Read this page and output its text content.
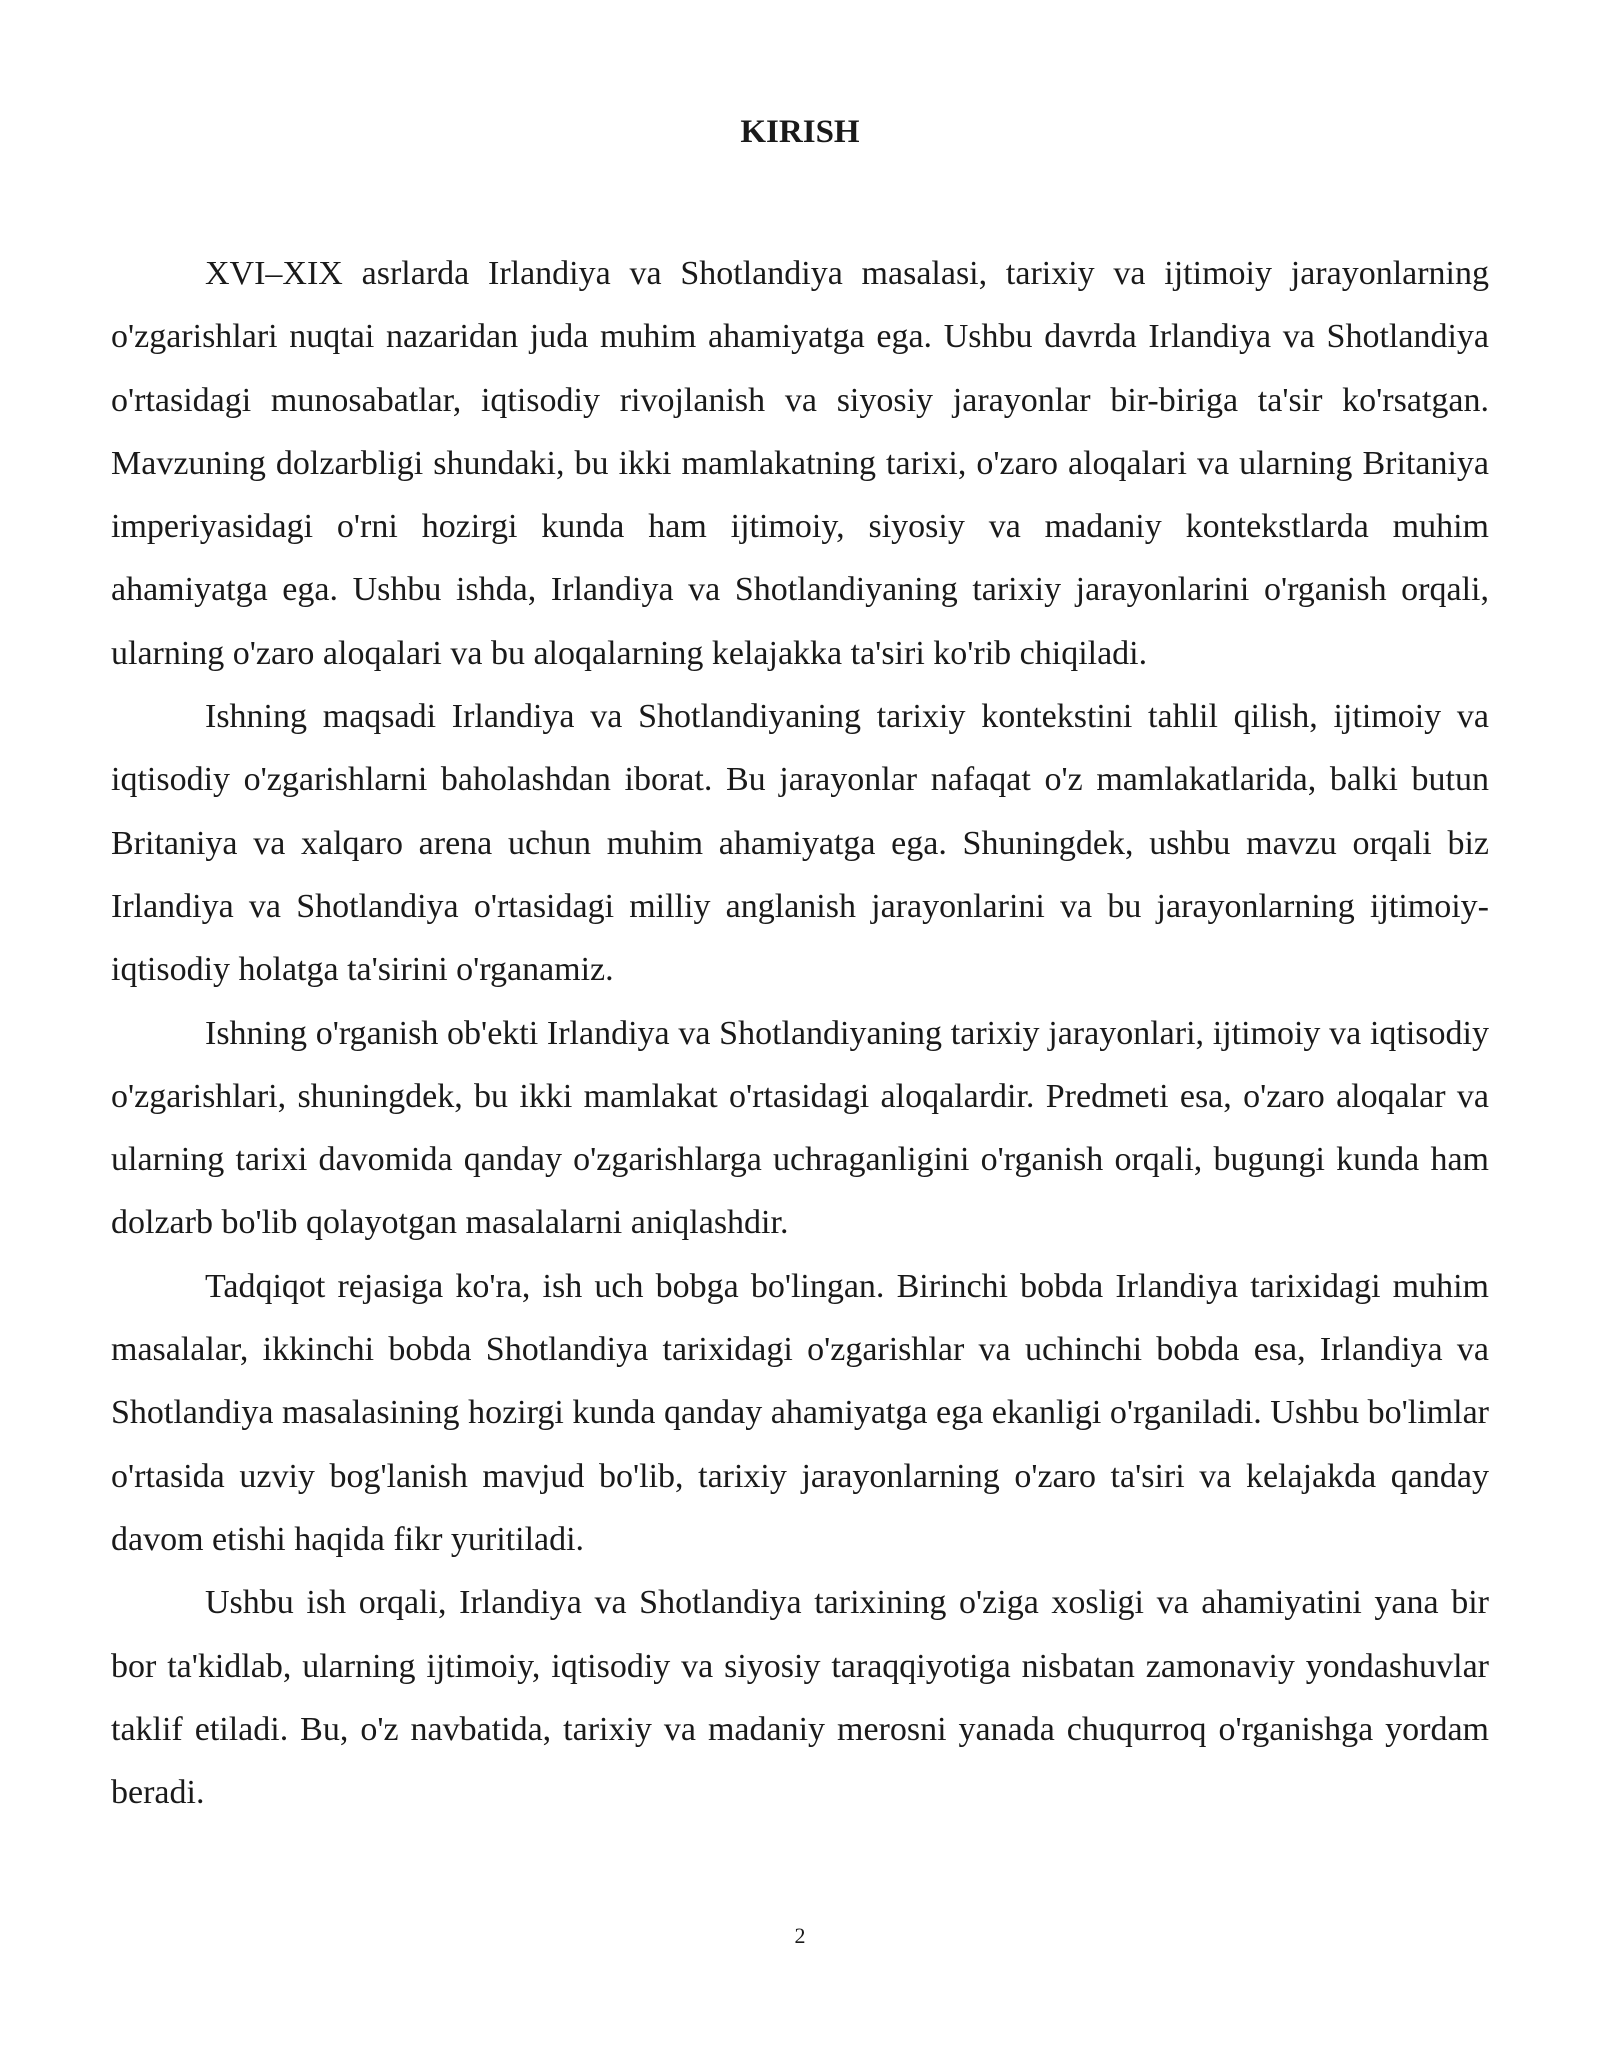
KIRISH

XVI–XIX asrlarda Irlandiya va Shotlandiya masalasi, tarixiy va ijtimoiy jarayonlarning o'zgarishlari nuqtai nazaridan juda muhim ahamiyatga ega. Ushbu davrda Irlandiya va Shotlandiya o'rtasidagi munosabatlar, iqtisodiy rivojlanish va siyosiy jarayonlar bir-biriga ta'sir ko'rsatgan. Mavzuning dolzarbligi shundaki, bu ikki mamlakatning tarixi, o'zaro aloqalari va ularning Britaniya imperiyasidagi o'rni hozirgi kunda ham ijtimoiy, siyosiy va madaniy kontekstlarda muhim ahamiyatga ega. Ushbu ishda, Irlandiya va Shotlandiyaning tarixiy jarayonlarini o'rganish orqali, ularning o'zaro aloqalari va bu aloqalarning kelajakka ta'siri ko'rib chiqiladi.

Ishning maqsadi Irlandiya va Shotlandiyaning tarixiy kontekstini tahlil qilish, ijtimoiy va iqtisodiy o'zgarishlarni baholashdan iborat. Bu jarayonlar nafaqat o'z mamlakatlarida, balki butun Britaniya va xalqaro arena uchun muhim ahamiyatga ega. Shuningdek, ushbu mavzu orqali biz Irlandiya va Shotlandiya o'rtasidagi milliy anglanish jarayonlarini va bu jarayonlarning ijtimoiy-iqtisodiy holatga ta'sirini o'rganamiz.

Ishning o'rganish ob'ekti Irlandiya va Shotlandiyaning tarixiy jarayonlari, ijtimoiy va iqtisodiy o'zgarishlari, shuningdek, bu ikki mamlakat o'rtasidagi aloqalardir. Predmeti esa, o'zaro aloqalar va ularning tarixi davomida qanday o'zgarishlarga uchraganligini o'rganish orqali, bugungi kunda ham dolzarb bo'lib qolayotgan masalalarni aniqlashdir.

Tadqiqot rejasiga ko'ra, ish uch bobga bo'lingan. Birinchi bobda Irlandiya tarixidagi muhim masalalar, ikkinchi bobda Shotlandiya tarixidagi o'zgarishlar va uchinchi bobda esa, Irlandiya va Shotlandiya masalasining hozirgi kunda qanday ahamiyatga ega ekanligi o'rganiladi. Ushbu bo'limlar o'rtasida uzviy bog'lanish mavjud bo'lib, tarixiy jarayonlarning o'zaro ta'siri va kelajakda qanday davom etishi haqida fikr yuritiladi.

Ushbu ish orqali, Irlandiya va Shotlandiya tarixining o'ziga xosligi va ahamiyatini yana bir bor ta'kidlab, ularning ijtimoiy, iqtisodiy va siyosiy taraqqiyotiga nisbatan zamonaviy yondashuvlar taklif etiladi. Bu, o'z navbatida, tarixiy va madaniy merosni yanada chuqurroq o'rganishga yordam beradi.

2
